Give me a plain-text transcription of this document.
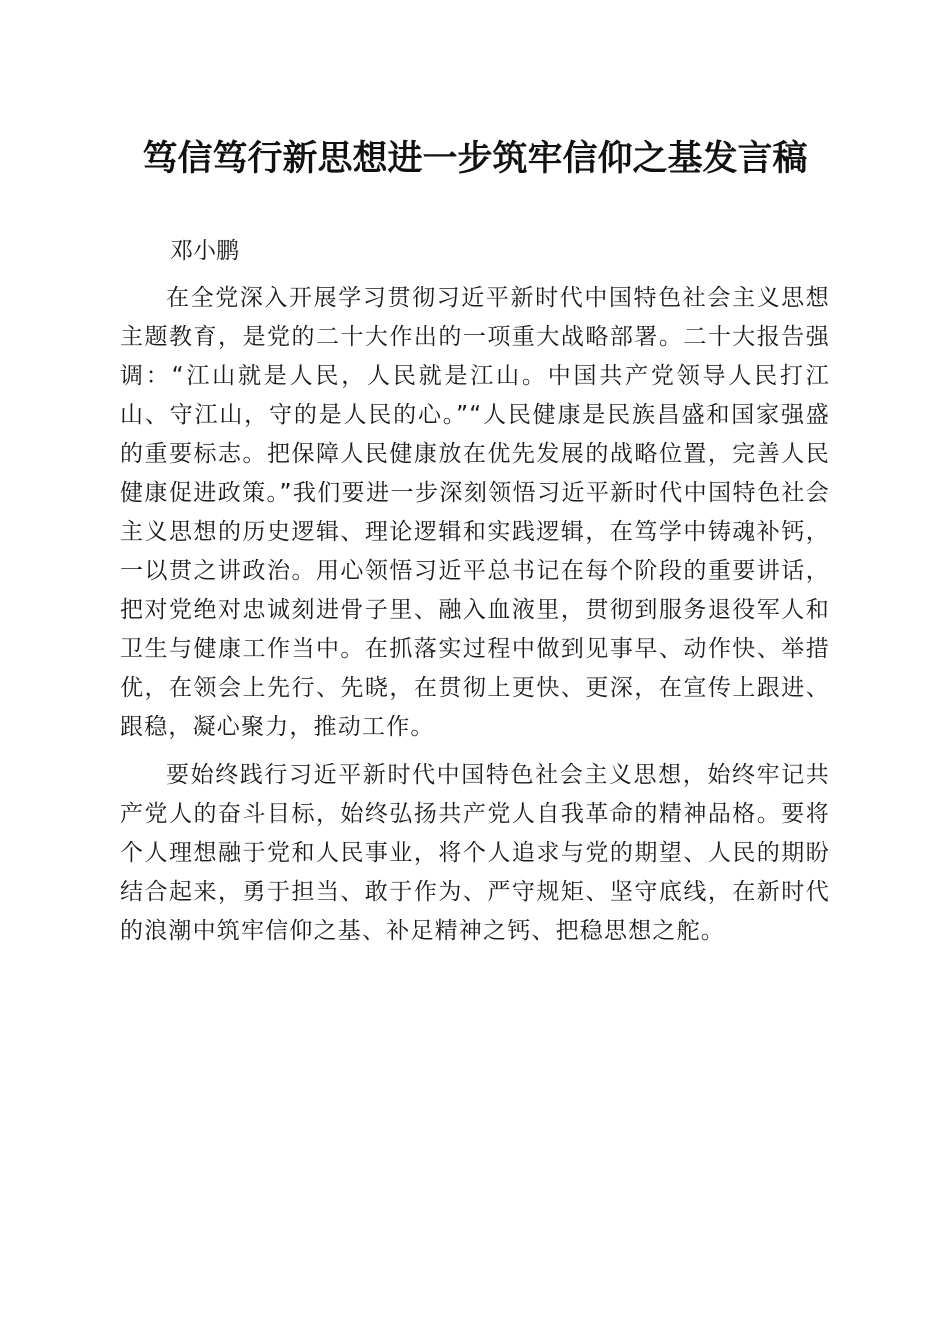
笃信笃行新思想进一步筑牢信仰之基发言稿

邓小鹏

在全党深入开展学习贯彻习近平新时代中国特色社会主义思想主题教育，是党的二十大作出的一项重大战略部署。二十大报告强调：“江山就是人民，人民就是江山。中国共产党领导人民打江山、守江山，守的是人民的心。”“人民健康是民族昌盛和国家强盛的重要标志。把保障人民健康放在优先发展的战略位置，完善人民健康促进政策。”我们要进一步深刻领悟习近平新时代中国特色社会主义思想的历史逻辑、理论逻辑和实践逻辑，在笃学中铸魂补钙，一以贯之讲政治。用心领悟习近平总书记在每个阶段的重要讲话，把对党绝对忠诚刻进骨子里、融入血液里，贯彻到服务退役军人和卫生与健康工作当中。在抓落实过程中做到见事早、动作快、举措优，在领会上先行、先晓，在贯彻上更快、更深，在宣传上跟进、跟稳，凝心聚力，推动工作。

要始终践行习近平新时代中国特色社会主义思想，始终牢记共产党人的奋斗目标，始终弘扬共产党人自我革命的精神品格。要将个人理想融于党和人民事业，将个人追求与党的期望、人民的期盼结合起来，勇于担当、敢于作为、严守规矩、坚守底线，在新时代的浪潮中筑牢信仰之基、补足精神之钙、把稳思想之舵。
